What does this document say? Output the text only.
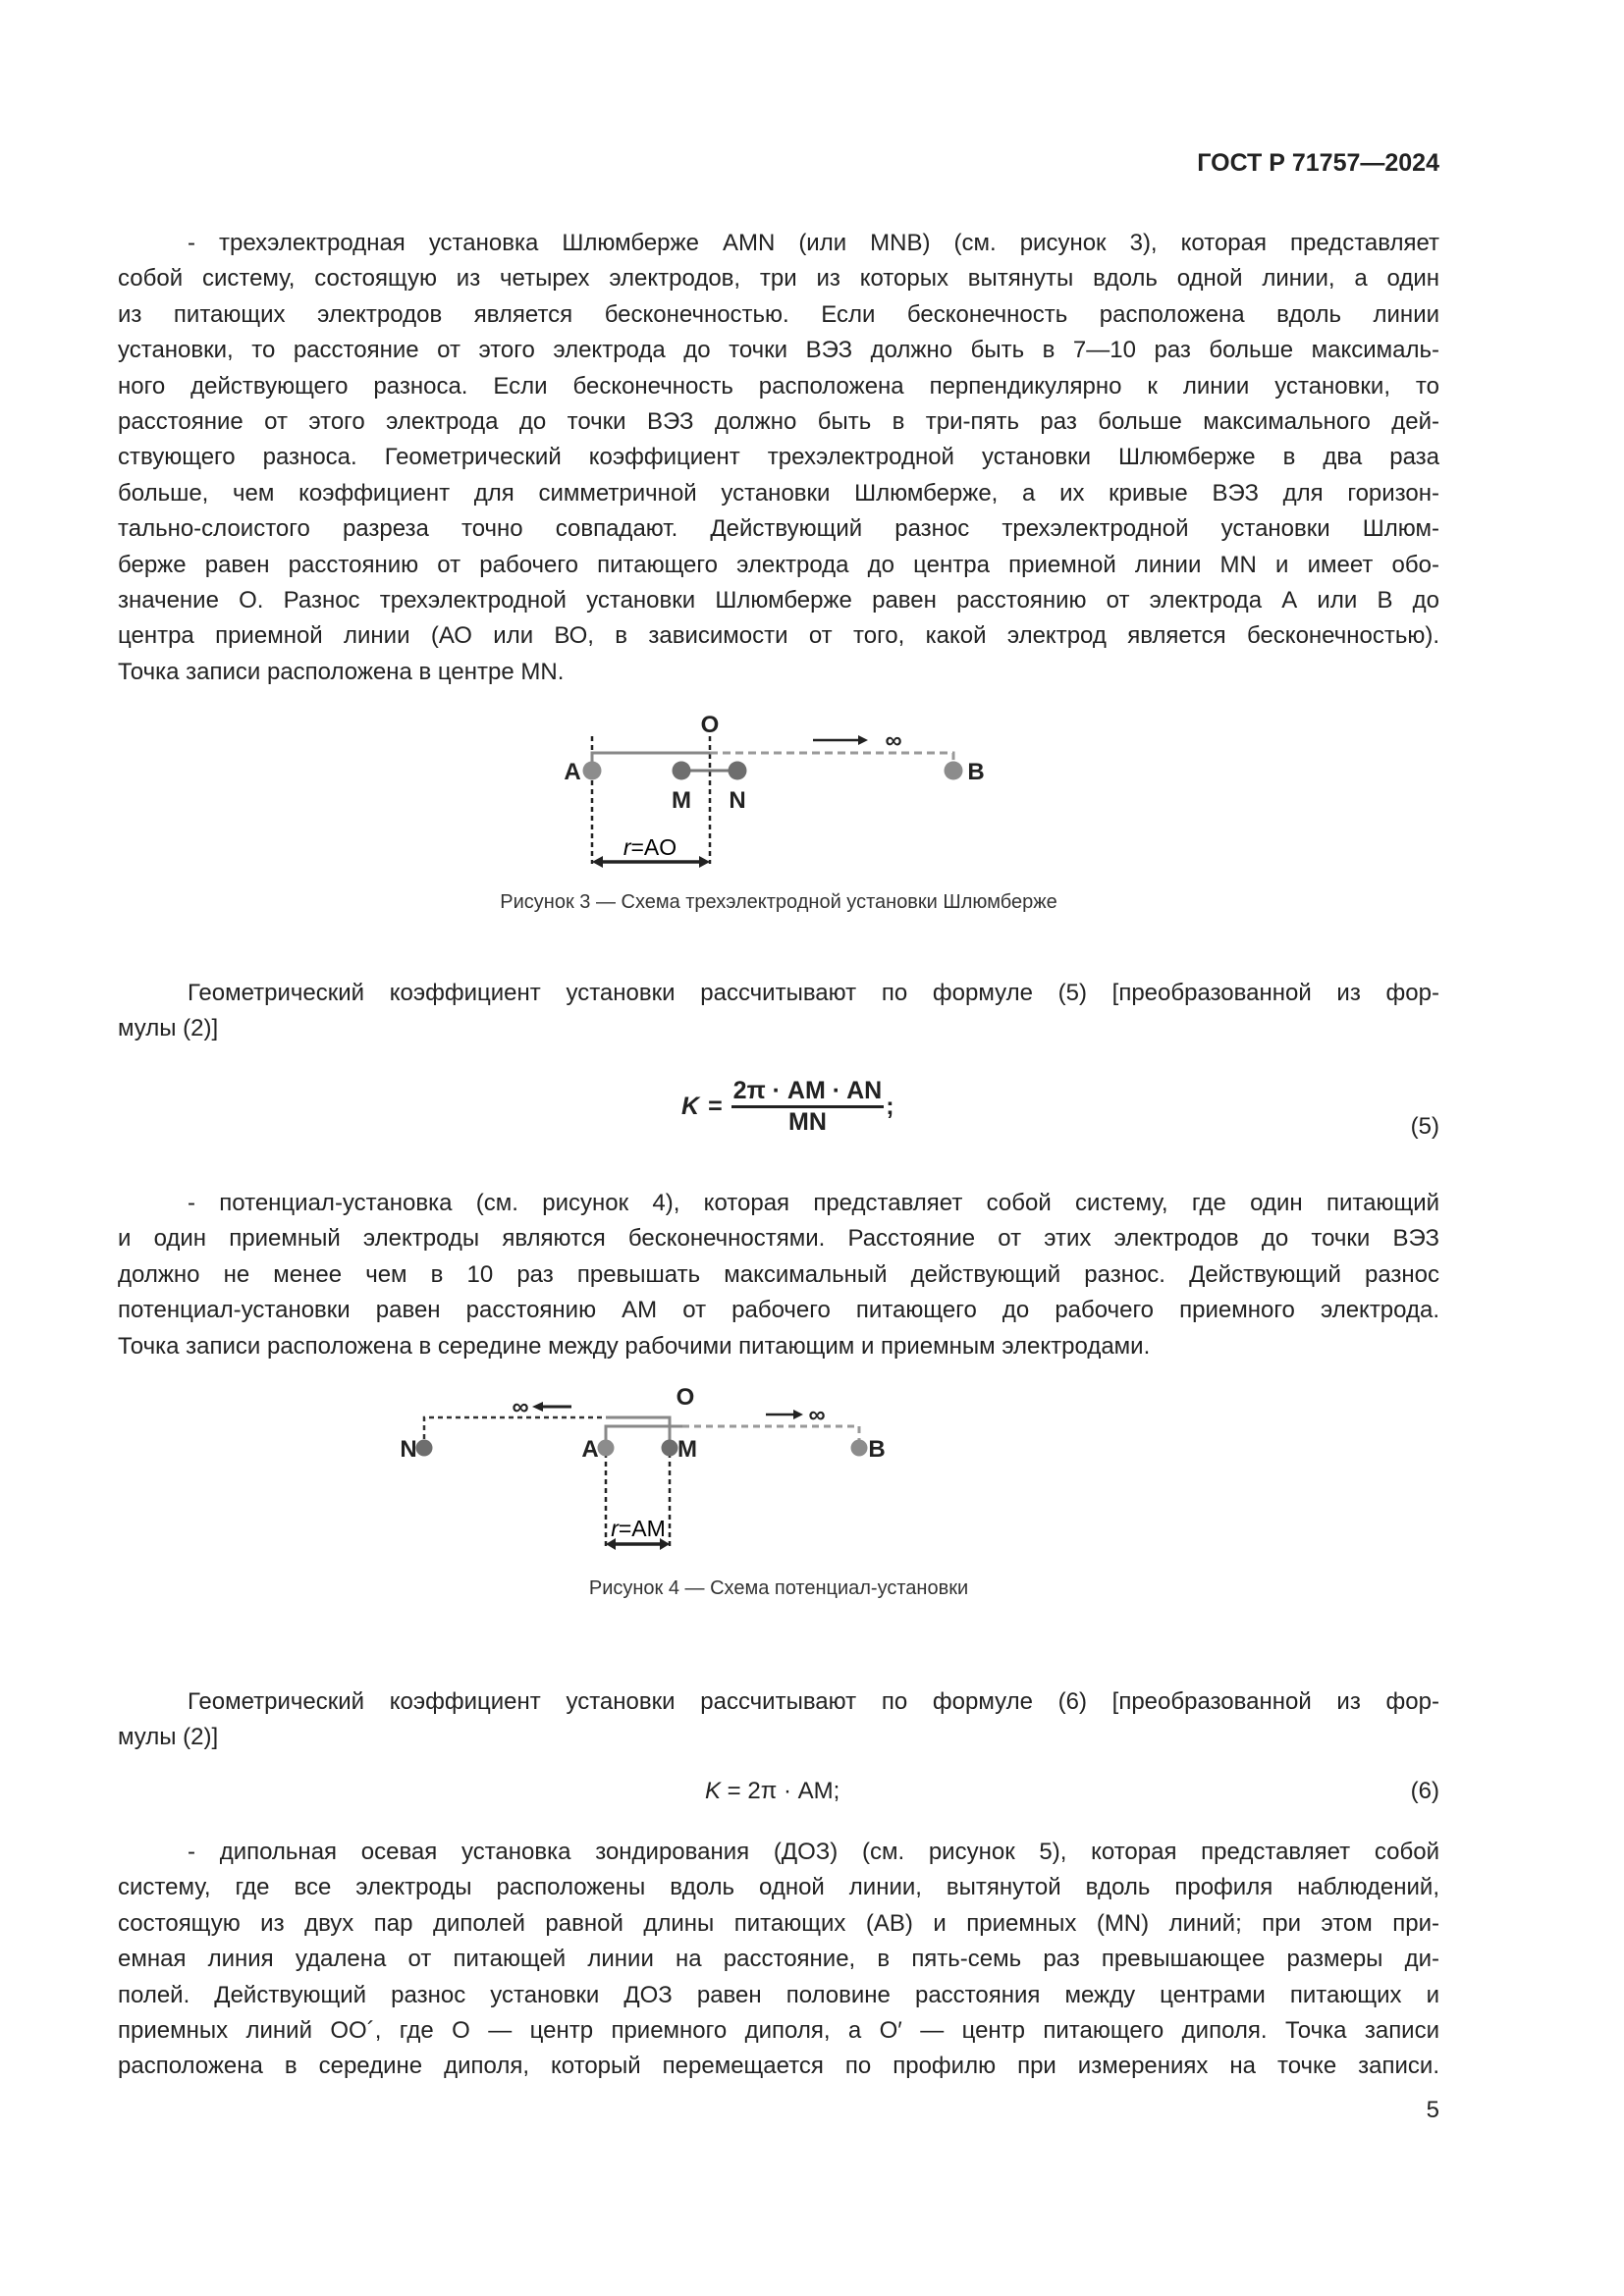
ГОСТ Р 71757—2024
- трехэлектродная установка Шлюмберже AMN (или MNB) (см. рисунок 3), которая представляет
собой систему, состоящую из четырех электродов, три из которых вытянуты вдоль одной линии, а один
из питающих электродов является бесконечностью. Если бесконечность расположена вдоль линии
установки, то расстояние от этого электрода до точки ВЭЗ должно быть в 7—10 раз больше максималь-
ного действующего разноса. Если бесконечность расположена перпендикулярно к линии установки, то
расстояние от этого электрода до точки ВЭЗ должно быть в три-пять раз больше максимального дей-
ствующего разноса. Геометрический коэффициент трехэлектродной установки Шлюмберже в два раза
больше, чем коэффициент для симметричной установки Шлюмберже, а их кривые ВЭЗ для горизон-
тально-слоистого разреза точно совпадают. Действующий разнос трехэлектродной установки Шлюм-
берже равен расстоянию от рабочего питающего электрода до центра приемной линии MN и имеет обо-
значение О. Разнос трехэлектродной установки Шлюмберже равен расстоянию от электрода А или В до
центра приемной линии (АО или ВО, в зависимости от того, какой электрод является бесконечностью).
Точка записи расположена в центре MN.
O
A
M N
B
∞
r=AO
Рисунок 3 — Схема трехэлектродной установки Шлюмберже
O
∞	∞
N	A	M	B
r=AM
Рисунок 4 — Схема потенциал-установки
Геометрический коэффициент установки рассчитывают по формуле (5) [преобразованной из фор-
мулы (2)]
K	=	
2π · AM · AN
MN
	;
(5)
- потенциал-установка (см. рисунок 4), которая представляет собой систему, где один питающий
и один приемный электроды являются бесконечностями. Расстояние от этих электродов до точки ВЭЗ
должно не менее чем в 10 раз превышать максимальный действующий разнос. Действующий разнос
потенциал-установки равен расстоянию АМ от рабочего питающего до рабочего приемного электрода.
Точка записи расположена в середине между рабочими питающим и приемным электродами.
Геометрический коэффициент установки рассчитывают по формуле (6) [преобразованной из фор-
мулы (2)]
K = 2π · AM;	(6)
- дипольная осевая установка зондирования (ДОЗ) (см. рисунок 5), которая представляет собой
систему, где все электроды расположены вдоль одной линии, вытянутой вдоль профиля наблюдений,
состоящую из двух пар диполей равной длины питающих (АВ) и приемных (MN) линий; при этом при-
емная линия удалена от питающей линии на расстояние, в пять-семь раз превышающее размеры ди-
полей. Действующий разнос установки ДОЗ равен половине расстояния между центрами питающих и
приемных линий ОО´, где О — центр приемного диполя, а О′ — центр питающего диполя. Точка записи
расположена в середине диполя, который перемещается по профилю при измерениях на точке записи.
5
